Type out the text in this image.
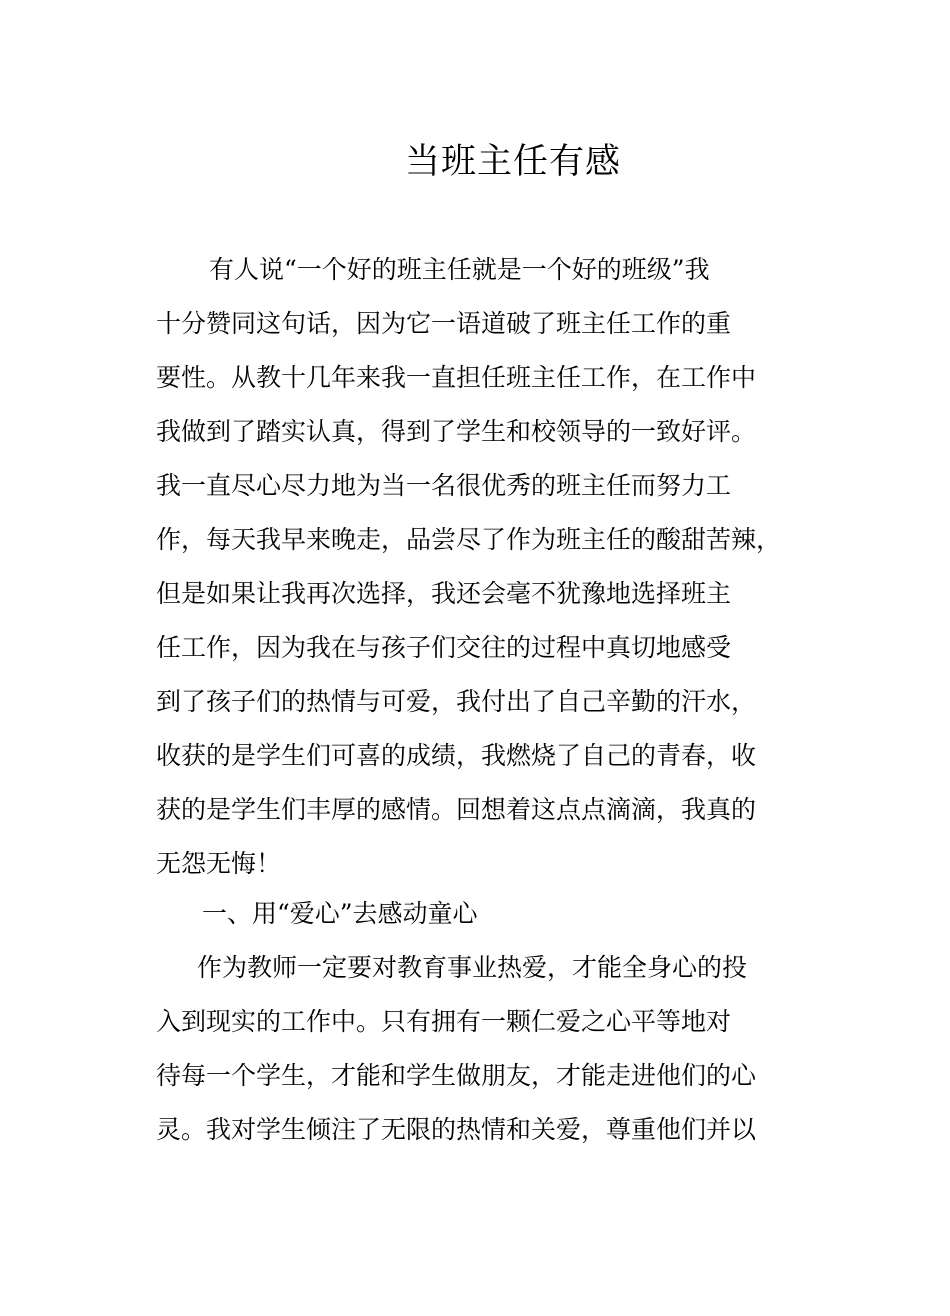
当班主任有感
有人说“一个好的班主任就是一个好的班级”我
十分赞同这句话，因为它一语道破了班主任工作的重
要性。从教十几年来我一直担任班主任工作，在工作中
我做到了踏实认真，得到了学生和校领导的一致好评。
我一直尽心尽力地为当一名很优秀的班主任而努力工
作，每天我早来晚走，品尝尽了作为班主任的酸甜苦辣，
但是如果让我再次选择，我还会毫不犹豫地选择班主
任工作，因为我在与孩子们交往的过程中真切地感受
到了孩子们的热情与可爱，我付出了自己辛勤的汗水，
收获的是学生们可喜的成绩，我燃烧了自己的青春，收
获的是学生们丰厚的感情。回想着这点点滴滴，我真的
无怨无悔！
一、用“爱心”去感动童心
作为教师一定要对教育事业热爱，才能全身心的投
入到现实的工作中。只有拥有一颗仁爱之心平等地对
待每一个学生，才能和学生做朋友，才能走进他们的心
灵。我对学生倾注了无限的热情和关爱，尊重他们并以
